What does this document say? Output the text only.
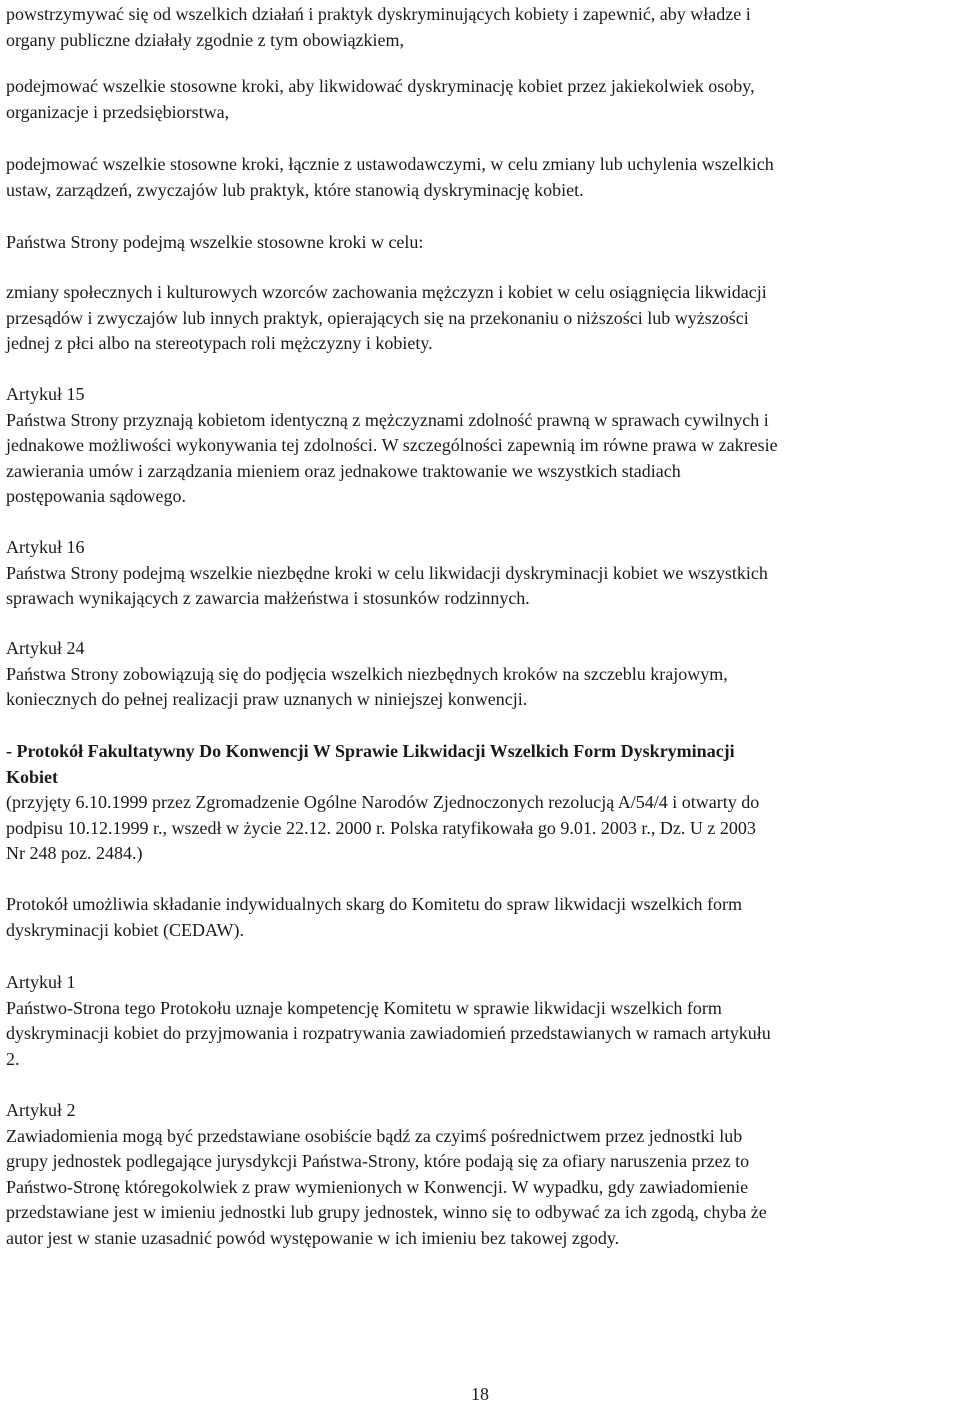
powstrzymywać się od wszelkich działań i praktyk dyskryminujących kobiety i zapewnić, aby władze i

organy publiczne działały zgodnie z tym obowiązkiem,

podejmować wszelkie stosowne kroki, aby likwidować dyskryminację kobiet przez jakiekolwiek osoby,

organizacje i przedsiębiorstwa,

podejmować wszelkie stosowne kroki, łącznie z ustawodawczymi, w celu zmiany lub uchylenia wszelkich

ustaw, zarządzeń, zwyczajów lub praktyk, które stanowią dyskryminację kobiet.

Państwa Strony podejmą wszelkie stosowne kroki w celu:

zmiany społecznych i kulturowych wzorców zachowania mężczyzn i kobiet w celu osiągnięcia likwidacji

przesądów i zwyczajów lub innych praktyk, opierających się na przekonaniu o niższości lub wyższości

jednej z płci albo na stereotypach roli mężczyzny i kobiety.

Artykuł 15

Państwa Strony przyznają kobietom identyczną z mężczyznami zdolność prawną w sprawach cywilnych i

jednakowe możliwości wykonywania tej zdolności. W szczególności zapewnią im równe prawa w zakresie

zawierania umów i zarządzania mieniem oraz jednakowe traktowanie we wszystkich stadiach

postępowania sądowego.

Artykuł 16

Państwa Strony podejmą wszelkie niezbędne kroki w celu likwidacji dyskryminacji kobiet we wszystkich

sprawach wynikających z zawarcia małżeństwa i stosunków rodzinnych.

Artykuł 24

Państwa Strony zobowiązują się do podjęcia wszelkich niezbędnych kroków na szczeblu krajowym,

koniecznych do pełnej realizacji praw uznanych w niniejszej konwencji.

- Protokół Fakultatywny Do Konwencji W Sprawie Likwidacji Wszelkich Form Dyskryminacji

Kobiet

(przyjęty 6.10.1999 przez Zgromadzenie Ogólne Narodów Zjednoczonych rezolucją A/54/4 i otwarty do

podpisu 10.12.1999 r., wszedł w życie 22.12. 2000 r. Polska ratyfikowała go 9.01. 2003 r., Dz. U z 2003

Nr 248 poz. 2484.)

Protokół umożliwia składanie indywidualnych skarg do Komitetu do spraw likwidacji wszelkich form

dyskryminacji kobiet (CEDAW).

Artykuł 1

Państwo-Strona tego Protokołu uznaje kompetencję Komitetu w sprawie likwidacji wszelkich form

dyskryminacji kobiet do przyjmowania i rozpatrywania zawiadomień przedstawianych w ramach artykułu

2.

Artykuł 2

Zawiadomienia mogą być przedstawiane osobiście bądź za czyimś pośrednictwem przez jednostki lub

grupy jednostek podlegające jurysdykcji Państwa-Strony, które podają się za ofiary naruszenia przez to

Państwo-Stronę któregokolwiek z praw wymienionych w Konwencji. W wypadku, gdy zawiadomienie

przedstawiane jest w imieniu jednostki lub grupy jednostek, winno się to odbywać za ich zgodą, chyba że

autor jest w stanie uzasadnić powód występowanie w ich imieniu bez takowej zgody.

18
